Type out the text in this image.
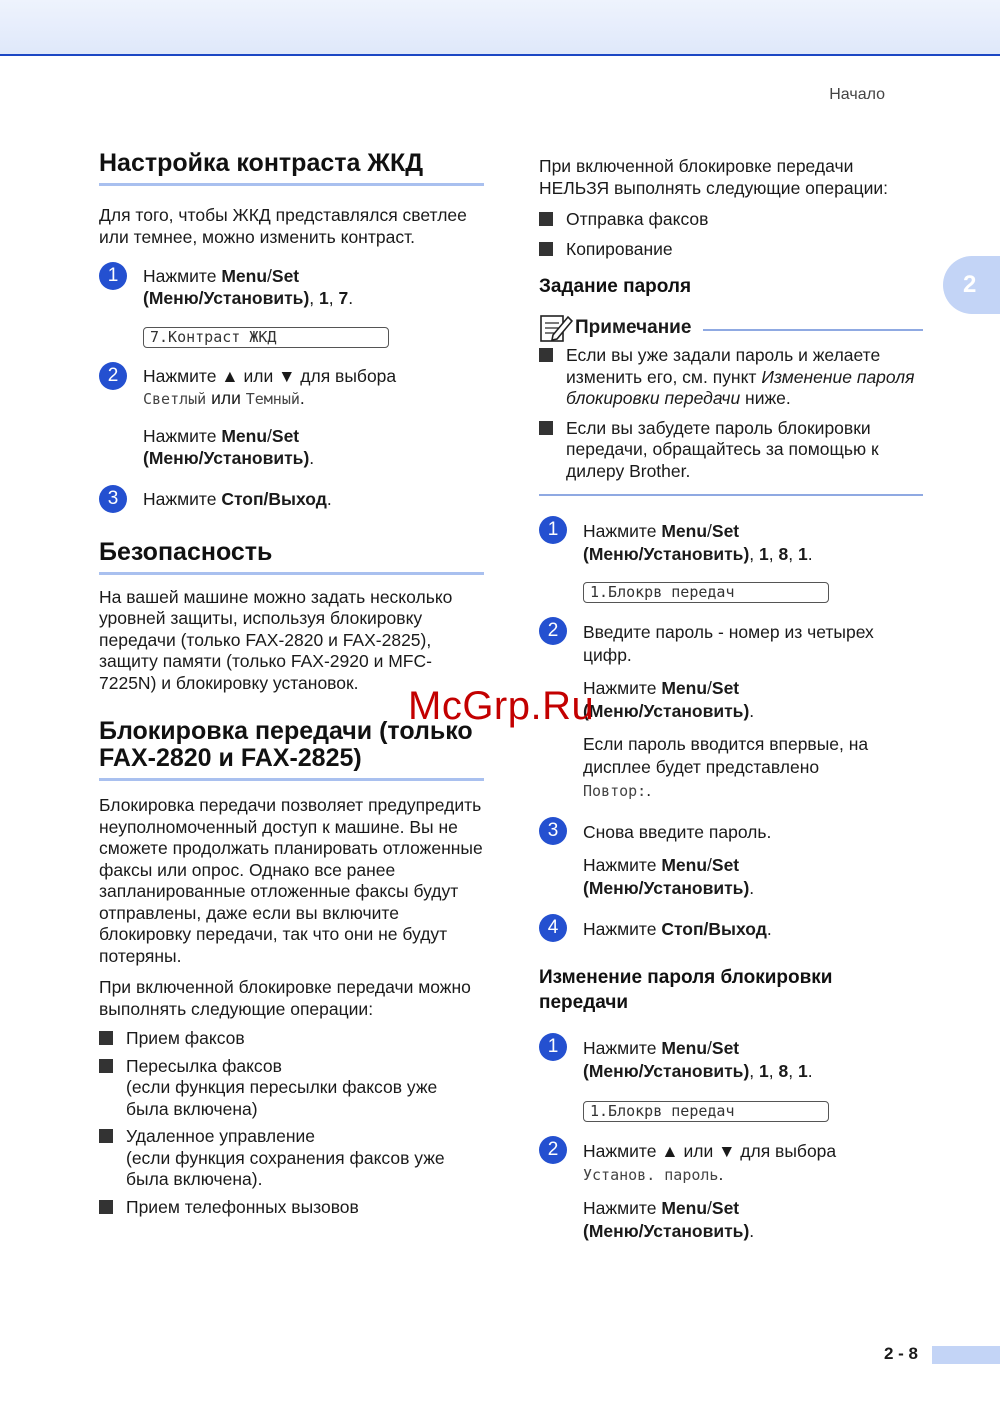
Начало
2
Настройка контраста ЖКД

Для того, чтобы ЖКД представлялся светлее или темнее, можно изменить контраст.

1	Нажмите Menu/Set
(Меню/Установить), 1, 7.

7.Контраст ЖКД
2	Нажмите ▲ или ▼ для выбора
Светлый или Темный.

Нажмите Menu/Set
(Меню/Установить).

3	Нажмите Стоп/Выход.

Безопасность

На вашей машине можно задать несколько уровней защиты, используя блокировку передачи (только FAX-2820 и FAX-2825), защиту памяти (только FAX-2920 и MFC-7225N) и блокировку установок.

Блокировка передачи (только FAX-2820 и FAX-2825)

Блокировка передачи позволяет предупредить неуполномоченный доступ к машине. Вы не сможете продолжать планировать отложенные факсы или опрос. Однако все ранее запланированные отложенные факсы будут отправлены, даже если вы включите блокировку передачи, так что они не будут потеряны.

При включенной блокировке передачи можно выполнять следующие операции:

Прием факсов
Пересылка факсов
(если функция пересылки факсов уже была включена)
Удаленное управление
(если функция сохранения факсов уже была включена).
Прием телефонных вызовов

При включенной блокировке передачи НЕЛЬЗЯ выполнять следующие операции:

Отправка факсов
Копирование
Задание пароля
Примечание
Если вы уже задали пароль и желаете изменить его, см. пункт Изменение пароля блокировки передачи ниже.
Если вы забудете пароль блокировки передачи, обращайтесь за помощью к дилеру Brother.
1	Нажмите Menu/Set
(Меню/Установить), 1, 8, 1.

1.Блокрв передач
2	Введите пароль - номер из четырех цифр.

Нажмите Menu/Set
(Меню/Установить).

Если пароль вводится впервые, на дисплее будет представлено
Повтор:.

3	Снова введите пароль.

Нажмите Menu/Set
(Меню/Установить).

4	Нажмите Стоп/Выход.

Изменение пароля блокировки передачи
1	Нажмите Menu/Set
(Меню/Установить), 1, 8, 1.

1.Блокрв передач
2	Нажмите ▲ или ▼ для выбора
Установ. пароль.

Нажмите Menu/Set
(Меню/Установить).

McGrp.Ru
2 - 8
